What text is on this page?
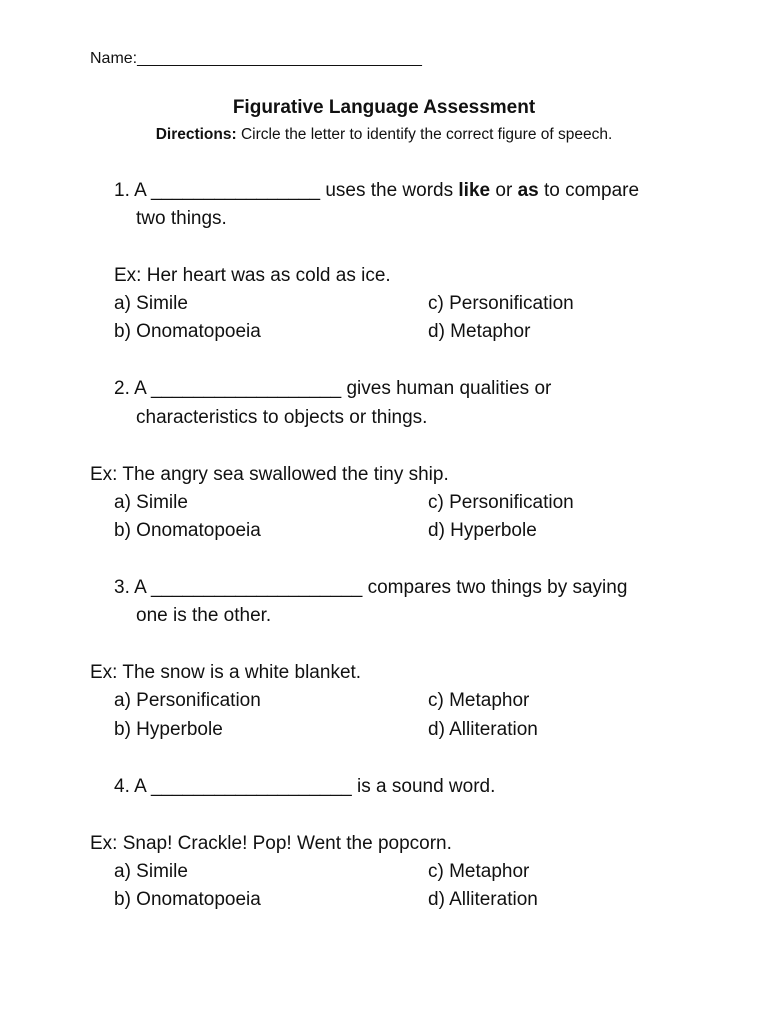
Name:________________________________
Figurative Language Assessment
Directions: Circle the letter to identify the correct figure of speech.
1. A ________________ uses the words like or as to compare
two things.
Ex: Her heart was as cold as ice.
a) Simile
b) Onomatopoeia
c) Personification
d) Metaphor
2. A __________________ gives human qualities or
characteristics to objects or things.
Ex: The angry sea swallowed the tiny ship.
a) Simile
b) Onomatopoeia
c) Personification
d) Hyperbole
3. A ____________________ compares two things by saying
one is the other.
Ex: The snow is a white blanket.
a) Personification
b) Hyperbole
c) Metaphor
d) Alliteration
4. A ___________________ is a sound word.
Ex: Snap! Crackle! Pop! Went the popcorn.
a) Simile
b) Onomatopoeia
c) Metaphor
d) Alliteration
